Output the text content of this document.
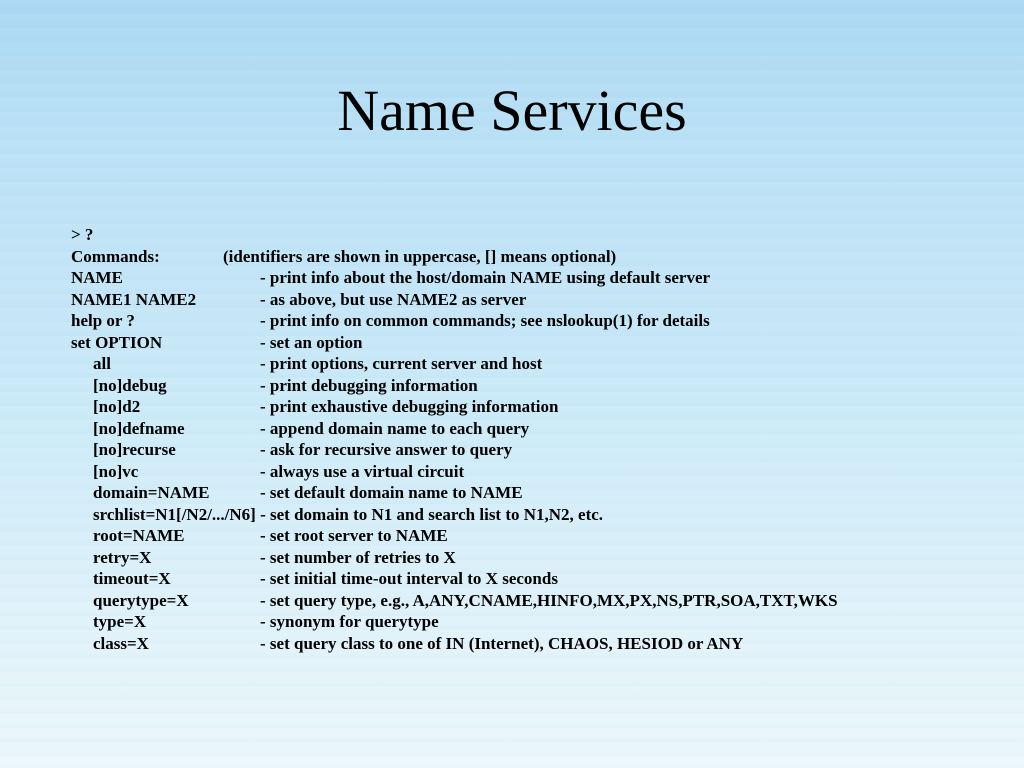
Name Services
> ?
Commands:	(identifiers are shown in uppercase, [] means optional)
NAME	- print info about the host/domain NAME using default server
NAME1 NAME2	- as above, but use NAME2 as server
help or ?	- print info on common commands; see nslookup(1) for details
set OPTION	- set an option
all	- print options, current server and host
[no]debug	- print debugging information
[no]d2	- print exhaustive debugging information
[no]defname	- append domain name to each query
[no]recurse	- ask for recursive answer to query
[no]vc	- always use a virtual circuit
domain=NAME	- set default domain name to NAME
srchlist=N1[/N2/.../N6] - set domain to N1 and search list to N1,N2, etc.
root=NAME	- set root server to NAME
retry=X	- set number of retries to X
timeout=X	- set initial time-out interval to X seconds
querytype=X	- set query type, e.g., A,ANY,CNAME,HINFO,MX,PX,NS,PTR,SOA,TXT,WKS
type=X	- synonym for querytype
class=X	- set query class to one of IN (Internet), CHAOS, HESIOD or ANY
